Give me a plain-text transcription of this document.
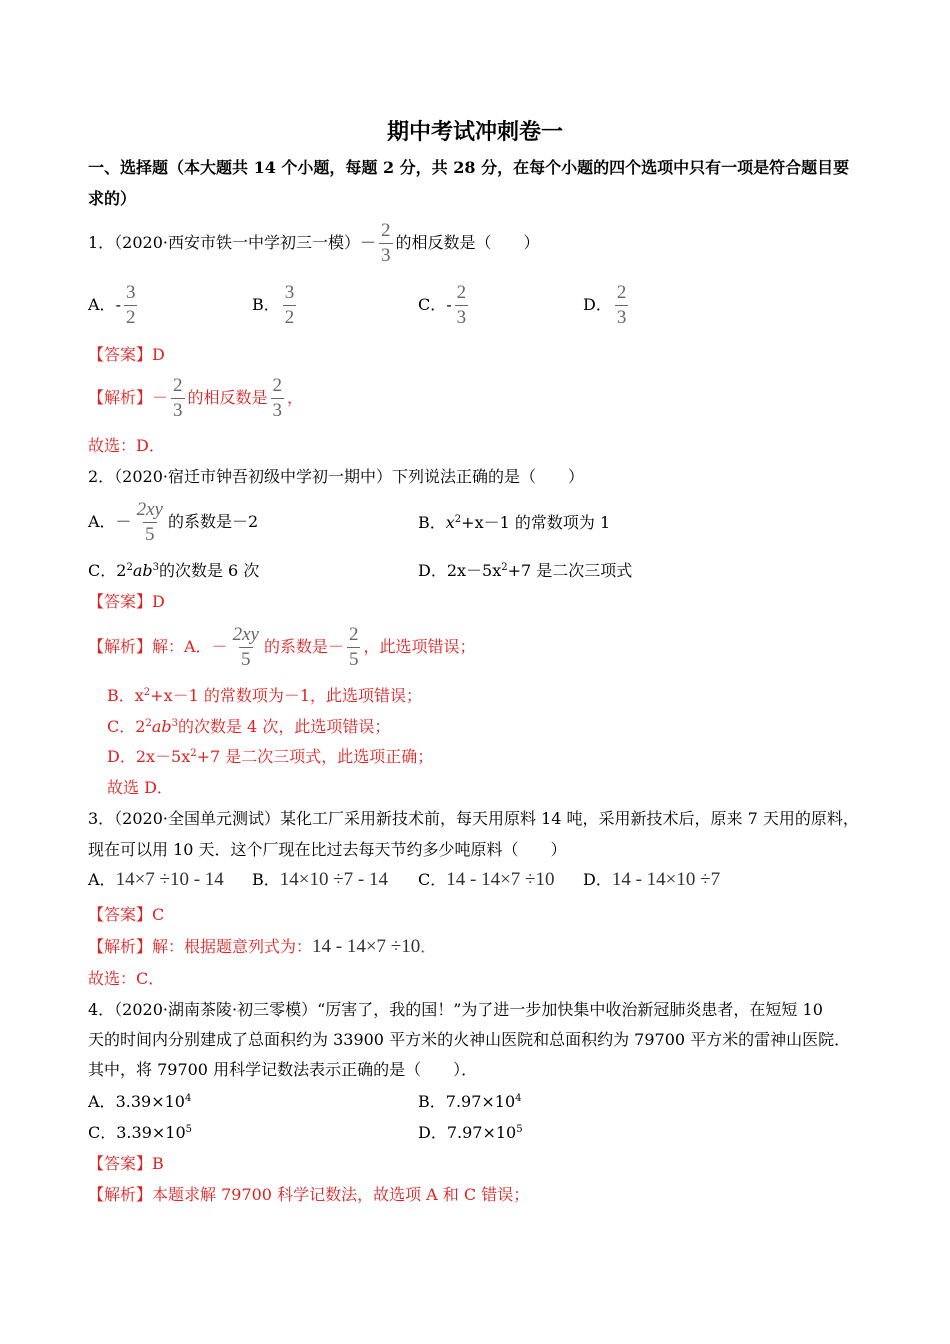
期中考试冲刺卷一
一、选择题（本大题共 14 个小题，每题 2 分，共 28 分，在每个小题的四个选项中只有一项是符合题目要
求的）
1．（2020·西安市铁一中学初三一模）－ $\frac{2}{3}$ 的相反数是（　　）
A．- $\frac{3}{2}$	B． $\frac{3}{2}$	C．- $\frac{2}{3}$	D． $\frac{2}{3}$
【答案】D
【解析】－ $\frac{2}{3}$ 的相反数是 $\frac{2}{3}$ ，
故选：D．
2．（2020·宿迁市钟吾初级中学初一期中）下列说法正确的是（　　）
A．－ $\frac{2xy}{5}$ 的系数是－2	B．$x^2+x-1$ 的常数项为 1
C．$2^2ab^3$的次数是 6 次	D．$2x-5x^2+7$ 是二次三项式
【答案】D
【解析】解：A．－ $\frac{2xy}{5}$ 的系数是－ $\frac{2}{5}$ ，此选项错误；
B．$x^2+x-1$ 的常数项为－1，此选项错误；
C．$2^2ab^3$的次数是 4 次，此选项错误；
D．$2x-5x^2+7$ 是二次三项式，此选项正确；
故选 D．
3．（2020·全国单元测试）某化工厂采用新技术前，每天用原料 14 吨，采用新技术后，原来 7 天用的原料，
现在可以用 10 天．这个厂现在比过去每天节约多少吨原料（　　）
A．14×7 ÷10 - 14 B．14×10 ÷7 - 14 C．14 - 14×7 ÷10 D．14 - 14×10 ÷7
【答案】C
【解析】解：根据题意列式为：14 - 14×7 ÷10．
故选：C．
4．（2020·湖南茶陵·初三零模）“厉害了，我的国！”为了进一步加快集中收治新冠肺炎患者，在短短 10
天的时间内分别建成了总面积约为 33900 平方米的火神山医院和总面积约为 79700 平方米的雷神山医院．
其中，将 79700 用科学记数法表示正确的是（　　）．
A．$3.39\times 10^4$	B．$7.97\times 10^4$
C．$3.39\times 10^5$	D．$7.97\times 10^5$
【答案】B
【解析】本题求解 79700 科学记数法，故选项 A 和 C 错误；
